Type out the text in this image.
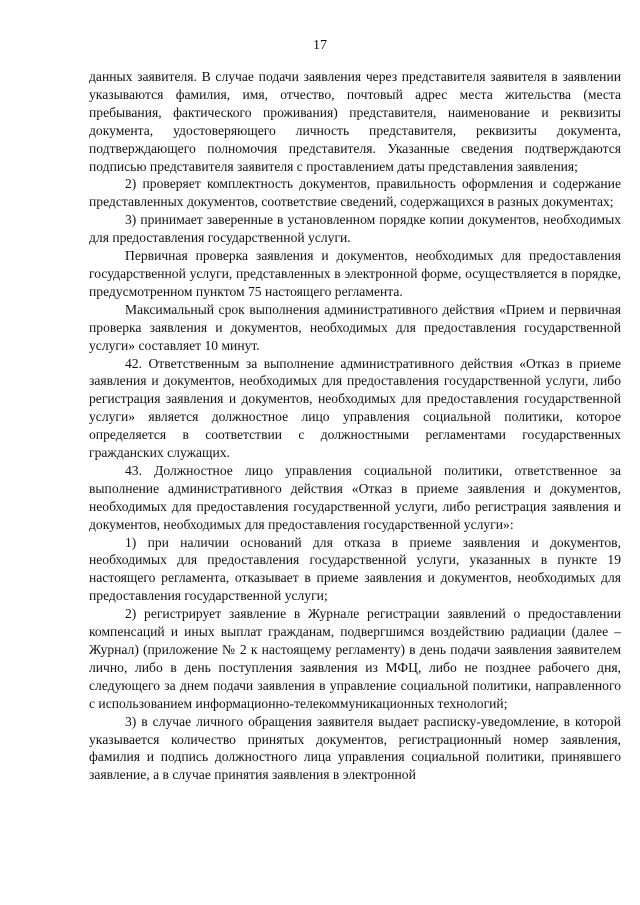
17

данных заявителя. В случае подачи заявления через представителя заявителя в заявлении указываются фамилия, имя, отчество, почтовый адрес места жительства (места пребывания, фактического проживания) представителя, наименование и реквизиты документа, удостоверяющего личность представителя, реквизиты документа, подтверждающего полномочия представителя. Указанные сведения подтверждаются подписью представителя заявителя с проставлением даты представления заявления;

2) проверяет комплектность документов, правильность оформления и содержание представленных документов, соответствие сведений, содержащихся в разных документах;

3) принимает заверенные в установленном порядке копии документов, необходимых для предоставления государственной услуги.

Первичная проверка заявления и документов, необходимых для предоставления государственной услуги, представленных в электронной форме, осуществляется в порядке, предусмотренном пунктом 75 настоящего регламента.

Максимальный срок выполнения административного действия «Прием и первичная проверка заявления и документов, необходимых для предоставления государственной услуги» составляет 10 минут.

42. Ответственным за выполнение административного действия «Отказ в приеме заявления и документов, необходимых для предоставления государственной услуги, либо регистрация заявления и документов, необходимых для предоставления государственной услуги» является должностное лицо управления социальной политики, которое определяется в соответствии с должностными регламентами государственных гражданских служащих.

43. Должностное лицо управления социальной политики, ответственное за выполнение административного действия «Отказ в приеме заявления и документов, необходимых для предоставления государственной услуги, либо регистрация заявления и документов, необходимых для предоставления государственной услуги»:

1) при наличии оснований для отказа в приеме заявления и документов, необходимых для предоставления государственной услуги, указанных в пункте 19 настоящего регламента, отказывает в приеме заявления и документов, необходимых для предоставления государственной услуги;

2) регистрирует заявление в Журнале регистрации заявлений о предоставлении компенсаций и иных выплат гражданам, подвергшимся воздействию радиации (далее – Журнал) (приложение № 2 к настоящему регламенту) в день подачи заявления заявителем лично, либо в день поступления заявления из МФЦ, либо не позднее рабочего дня, следующего за днем подачи заявления в управление социальной политики, направленного с использованием информационно-телекоммуникационных технологий;

3) в случае личного обращения заявителя выдает расписку-уведомление, в которой указывается количество принятых документов, регистрационный номер заявления, фамилия и подпись должностного лица управления социальной политики, принявшего заявление, а в случае принятия заявления в электронной
